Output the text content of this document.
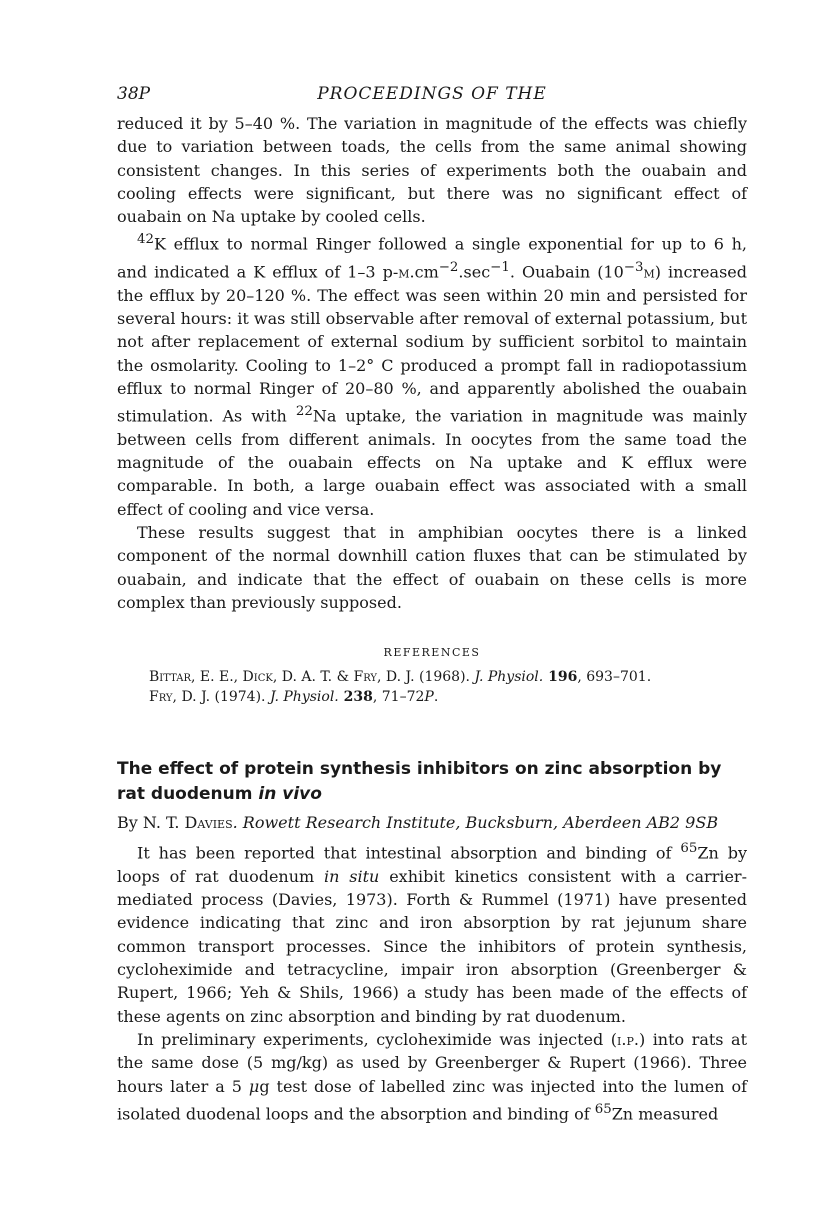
38P	PROCEEDINGS OF THE

reduced it by 5–40 %. The variation in magnitude of the effects was chiefly due to variation between toads, the cells from the same animal showing consistent changes. In this series of experiments both the ouabain and cooling effects were significant, but there was no significant effect of ouabain on Na uptake by cooled cells.

$^{42}$K efflux to normal Ringer followed a single exponential for up to 6 h, and indicated a K efflux of 1–3 $p-m.cm^{-2}.\sec^{-1}$. Ouabain $(10^{-3}m)$ increased the efflux by 20–120 %. The effect was seen within 20 min and persisted for several hours: it was still observable after removal of external potassium, but not after replacement of external sodium by sufficient sorbitol to maintain the osmolarity. Cooling to 1–2° C produced a prompt fall in radiopotassium efflux to normal Ringer of 20–80 %, and apparently abolished the ouabain stimulation. As with $^{22}$Na uptake, the variation in magnitude was mainly between cells from different animals. In oocytes from the same toad the magnitude of the ouabain effects on Na uptake and K efflux were comparable. In both, a large ouabain effect was associated with a small effect of cooling and vice versa.

These results suggest that in amphibian oocytes there is a linked component of the normal downhill cation fluxes that can be stimulated by ouabain, and indicate that the effect of ouabain on these cells is more complex than previously supposed.

REFERENCES
Bittar, E. E., Dick, D. A. T. & Fry, D. J. (1968). J. Physiol. 196, 693–701.
Fry, D. J. (1974). J. Physiol. 238, 71–72P.
The effect of protein synthesis inhibitors on zinc absorption by rat duodenum in vivo
By N. T. Davies. Rowett Research Institute, Bucksburn, Aberdeen AB2 9SB

It has been reported that intestinal absorption and binding of $^{65}$Zn by loops of rat duodenum in situ exhibit kinetics consistent with a carrier-mediated process (Davies, 1973). Forth & Rummel (1971) have presented evidence indicating that zinc and iron absorption by rat jejunum share common transport processes. Since the inhibitors of protein synthesis, cycloheximide and tetracycline, impair iron absorption (Greenberger & Rupert, 1966; Yeh & Shils, 1966) a study has been made of the effects of these agents on zinc absorption and binding by rat duodenum.

In preliminary experiments, cycloheximide was injected (i.p.) into rats at the same dose (5 mg/kg) as used by Greenberger & Rupert (1966). Three hours later a 5 μg test dose of labelled zinc was injected into the lumen of isolated duodenal loops and the absorption and binding of $^{65}$Zn measured
